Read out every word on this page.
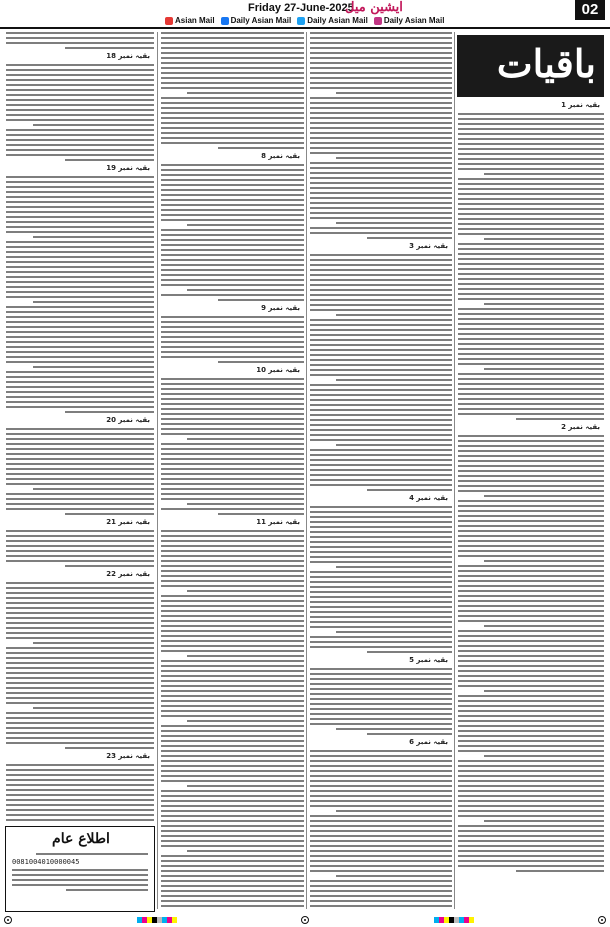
Friday 27-June-2025
ایشین میل	02
Asian Mail Daily Asian Mail Daily Asian Mail Daily Asian Mail
باقیات
بقیہ نمبر 1
بقیہ نمبر 2
بقیہ نمبر 3
بقیہ نمبر 4
بقیہ نمبر 5
بقیہ نمبر 6
بقیہ نمبر 8
بقیہ نمبر 9
بقیہ نمبر 10
بقیہ نمبر 11
بقیہ نمبر 18
بقیہ نمبر 19
بقیہ نمبر 20
بقیہ نمبر 21
بقیہ نمبر 22
بقیہ نمبر 23
اطلاع عام
0081004010000045
